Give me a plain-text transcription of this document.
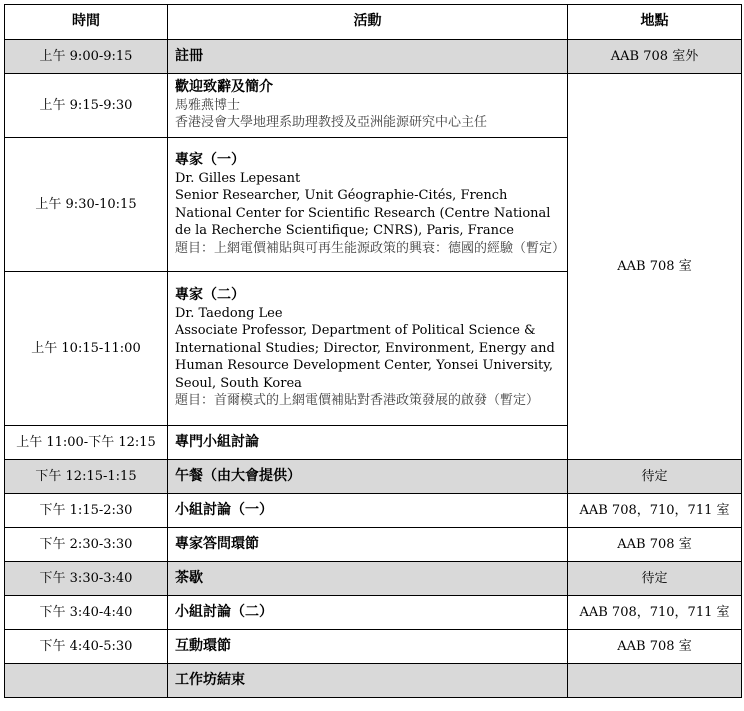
時間	活動	地點
上午 9:00-9:15	註冊	AAB 708 室外
上午 9:15-9:30	歡迎致辭及簡介
馬雅燕博士
香港浸會大學地理系助理教授及亞洲能源研究中心主任	AAB 708 室
上午 9:30-10:15	專家（一）
Dr. Gilles Lepesant
Senior Researcher, Unit Géographie-Cités, French National Center for Scientific Research (Centre National de la Recherche Scientifique; CNRS), Paris, France
題目：上網電價補貼與可再生能源政策的興衰：德國的經驗（暫定）	

上午 10:15-11:00	專家（二）
Dr. Taedong Lee
Associate Professor, Department of Political Science & International Studies; Director, Environment, Energy and Human Resource Development Center, Yonsei University, Seoul, South Korea
題目：首爾模式的上網電價補貼對香港政策發展的啟發（暫定）	

上午 11:00-下午 12:15	專門小組討論	
下午 12:15-1:15	午餐（由大會提供）	待定
下午 1:15-2:30	小組討論（一）	AAB 708，710，711 室
下午 2:30-3:30	專家答問環節	AAB 708 室
下午 3:30-3:40	茶歇	待定
下午 3:40-4:40	小組討論（二）	AAB 708，710，711 室
下午 4:40-5:30	互動環節	AAB 708 室
	工作坊結束	
